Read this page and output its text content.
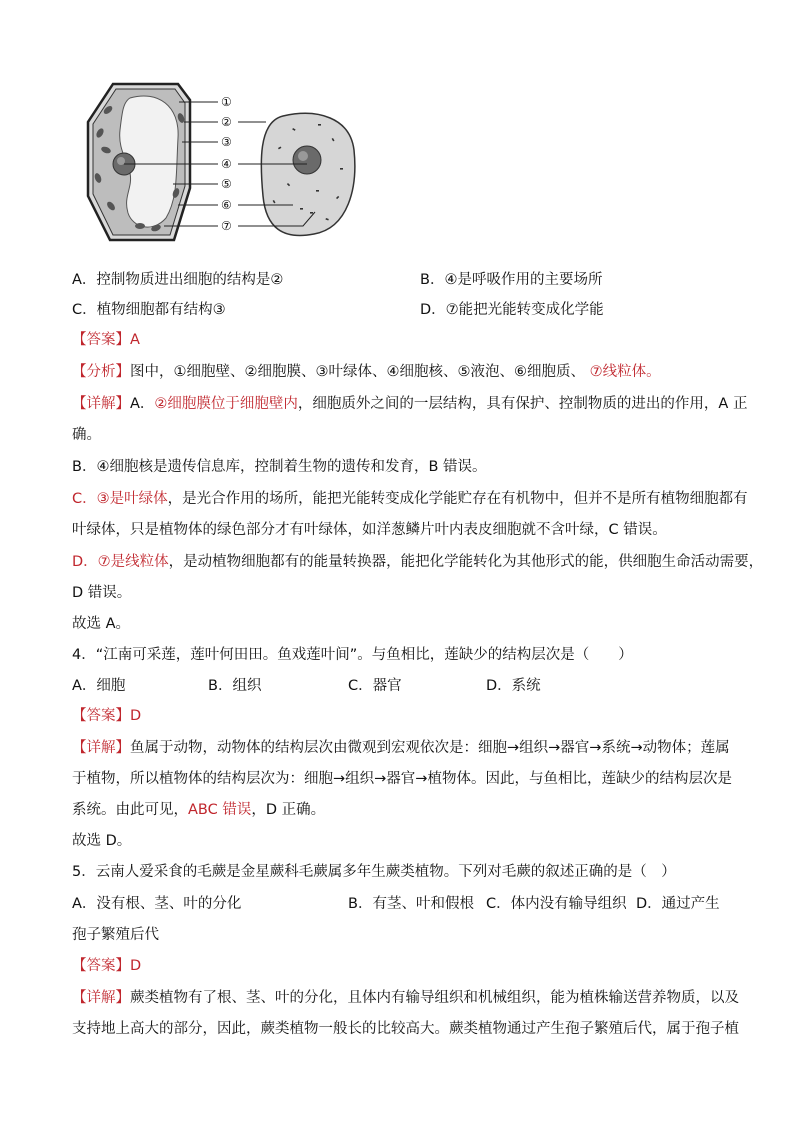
①
②
③
④
⑤
⑥
⑦
A．控制物质进出细胞的结构是②	B．④是呼吸作用的主要场所
C．植物细胞都有结构③	D．⑦能把光能转变成化学能
【答案】A
【分析】图中，①细胞壁、②细胞膜、③叶绿体、④细胞核、⑤液泡、⑥细胞质、 ⑦线粒体。
【详解】A．②细胞膜位于细胞壁内，细胞质外之间的一层结构，具有保护、控制物质的进出的作用，A 正
确。
B．④细胞核是遗传信息库，控制着生物的遗传和发育，B 错误。
C．③是叶绿体，是光合作用的场所，能把光能转变成化学能贮存在有机物中，但并不是所有植物细胞都有
叶绿体，只是植物体的绿色部分才有叶绿体，如洋葱鳞片叶内表皮细胞就不含叶绿，C 错误。
D．⑦是线粒体，是动植物细胞都有的能量转换器，能把化学能转化为其他形式的能，供细胞生命活动需要，
D 错误。
故选 A。
4．“江南可采莲，莲叶何田田。鱼戏莲叶间”。与鱼相比，莲缺少的结构层次是（　　）
A．细胞	B．组织	C．器官	D．系统
【答案】D
【详解】鱼属于动物，动物体的结构层次由微观到宏观依次是：细胞→组织→器官→系统→动物体；莲属
于植物，所以植物体的结构层次为：细胞→组织→器官→植物体。因此，与鱼相比，莲缺少的结构层次是
系统。由此可见，ABC 错误，D 正确。
故选 D。
5．云南人爱采食的毛蕨是金星蕨科毛蕨属多年生蕨类植物。下列对毛蕨的叙述正确的是（　）
A．没有根、茎、叶的分化	B．有茎、叶和假根 C．体内没有输导组织 D．通过产生
孢子繁殖后代
【答案】D
【详解】蕨类植物有了根、茎、叶的分化，且体内有输导组织和机械组织，能为植株输送营养物质，以及
支持地上高大的部分，因此，蕨类植物一般长的比较高大。蕨类植物通过产生孢子繁殖后代，属于孢子植
